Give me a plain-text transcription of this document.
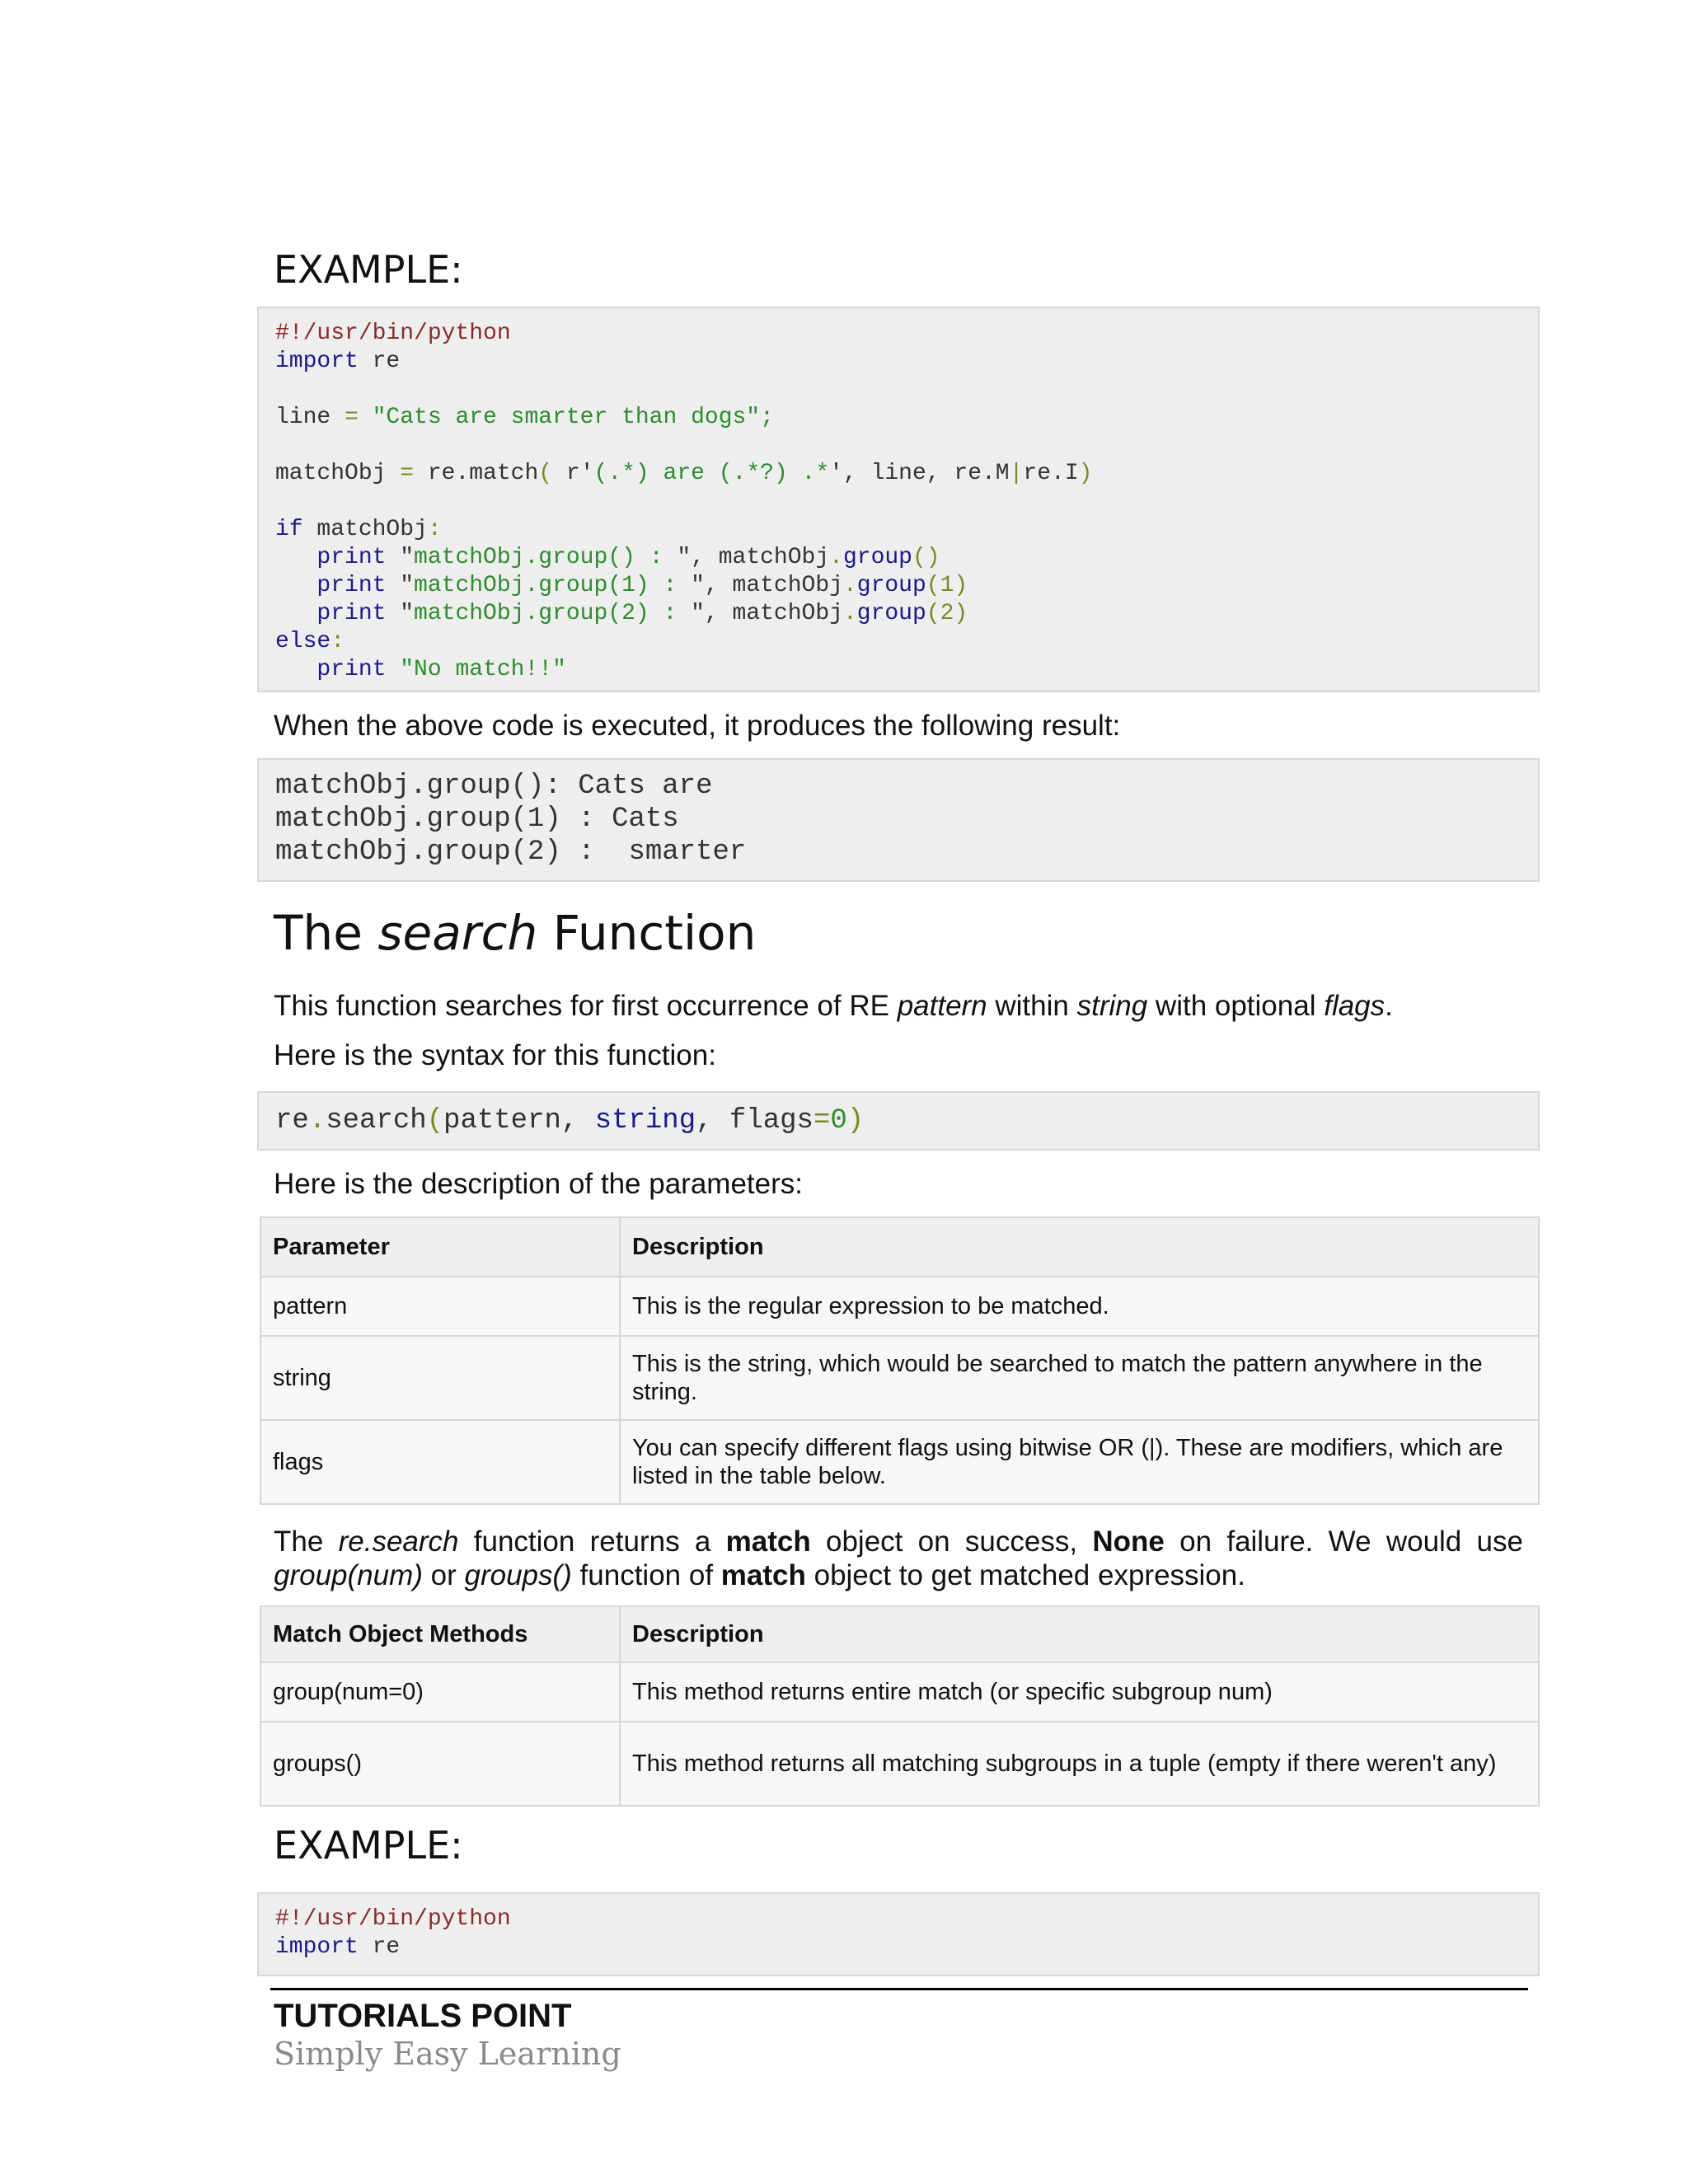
EXAMPLE:
#!/usr/bin/python
import re

line = "Cats are smarter than dogs";

matchObj = re.match( r'(.*) are (.*?) .*', line, re.M|re.I)

if matchObj:
print "matchObj.group() : ", matchObj.group()
print "matchObj.group(1) : ", matchObj.group(1)
print "matchObj.group(2) : ", matchObj.group(2)
else:
print "No match!!"

When the above code is executed, it produces the following result:

matchObj.group(): Cats are
matchObj.group(1) : Cats
matchObj.group(2) :  smarter
The search Function

This function searches for first occurrence of RE pattern within string with optional flags.

Here is the syntax for this function:

re.search(pattern, string, flags=0)

Here is the description of the parameters:

Parameter	Description
pattern	This is the regular expression to be matched.
string	This is the string, which would be searched to match the pattern anywhere in the string.
flags	You can specify different flags using bitwise OR (|). These are modifiers, which are listed in the table below.

The re.search function returns a match object on success, None on failure. We would use group(num) or groups() function of match object to get matched expression.

Match Object Methods	Description
group(num=0)	This method returns entire match (or specific subgroup num)
groups()	This method returns all matching subgroups in a tuple (empty if there weren't any)
EXAMPLE:
#!/usr/bin/python
import re
TUTORIALS POINT
Simply Easy Learning
